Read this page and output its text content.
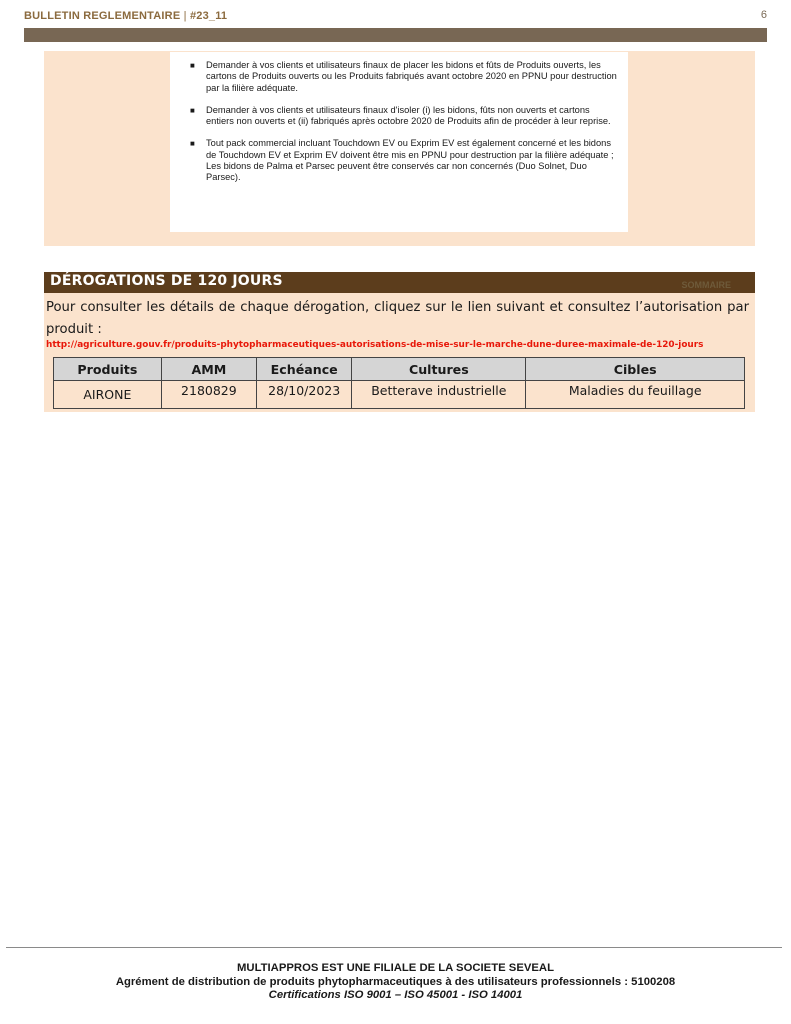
BULLETIN REGLEMENTAIRE | #23_11	6
■ Demander à vos clients et utilisateurs finaux de placer les bidons et fûts de Produits ouverts, les cartons de Produits ouverts ou les Produits fabriqués avant octobre 2020 en PPNU pour destruction par la filière adéquate.
■ Demander à vos clients et utilisateurs finaux d'isoler (i) les bidons, fûts non ouverts et cartons entiers non ouverts et (ii) fabriqués après octobre 2020 de Produits afin de procéder à leur reprise.
■ Tout pack commercial incluant Touchdown EV ou Exprim EV est également concerné et les bidons de Touchdown EV et Exprim EV doivent être mis en PPNU pour destruction par la filière adéquate ; Les bidons de Palma et Parsec peuvent être conservés car non concernés (Duo Solnet, Duo Parsec).
DÉROGATIONS DE 120 JOURS	SOMMAIRE
Pour consulter les détails de chaque dérogation, cliquez sur le lien suivant et consultez l’autorisation par produit :
http://agriculture.gouv.fr/produits-phytopharmaceutiques-autorisations-de-mise-sur-le-marche-dune-duree-maximale-de-120-jours
Produits	AMM	Echéance	Cultures	Cibles
AIRONE	2180829	28/10/2023	Betterave industrielle	Maladies du feuillage
MULTIAPPROS EST UNE FILIALE DE LA SOCIETE SEVEAL
Agrément de distribution de produits phytopharmaceutiques à des utilisateurs professionnels : 5100208
Certifications ISO 9001 – ISO 45001 - ISO 14001
